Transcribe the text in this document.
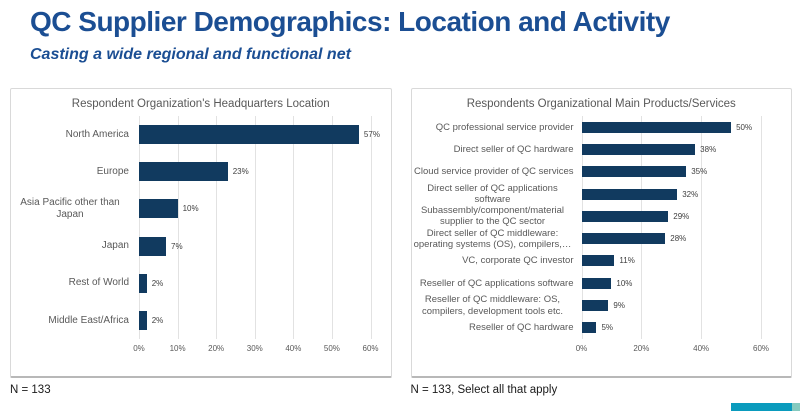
QC Supplier Demographics: Location and Activity
Casting a wide regional and functional net
Respondent Organization's Headquarters Location
57%
23%
10%
7%
2%
2%
North America
Europe
Asia Pacific other than Japan
Japan
Rest of World
Middle East/Africa
0%	10%	20%	30%	40%	50%	60%
Respondents Organizational Main Products/Services
50%
38%
35%
32%
29%
28%
11%
10%
9%
5%
QC professional service provider
Direct seller of QC hardware
Cloud service provider of QC services
Direct seller of QC applications software
Subassembly/component/material supplier to the QC sector
Direct seller of QC middleware: operating systems (OS), compilers,…
VC, corporate QC investor
Reseller of QC applications software
Reseller of QC middleware: OS, compilers, development tools etc.
Reseller of QC hardware
0%	20%	40%	60%
N = 133	N = 133, Select all that apply
